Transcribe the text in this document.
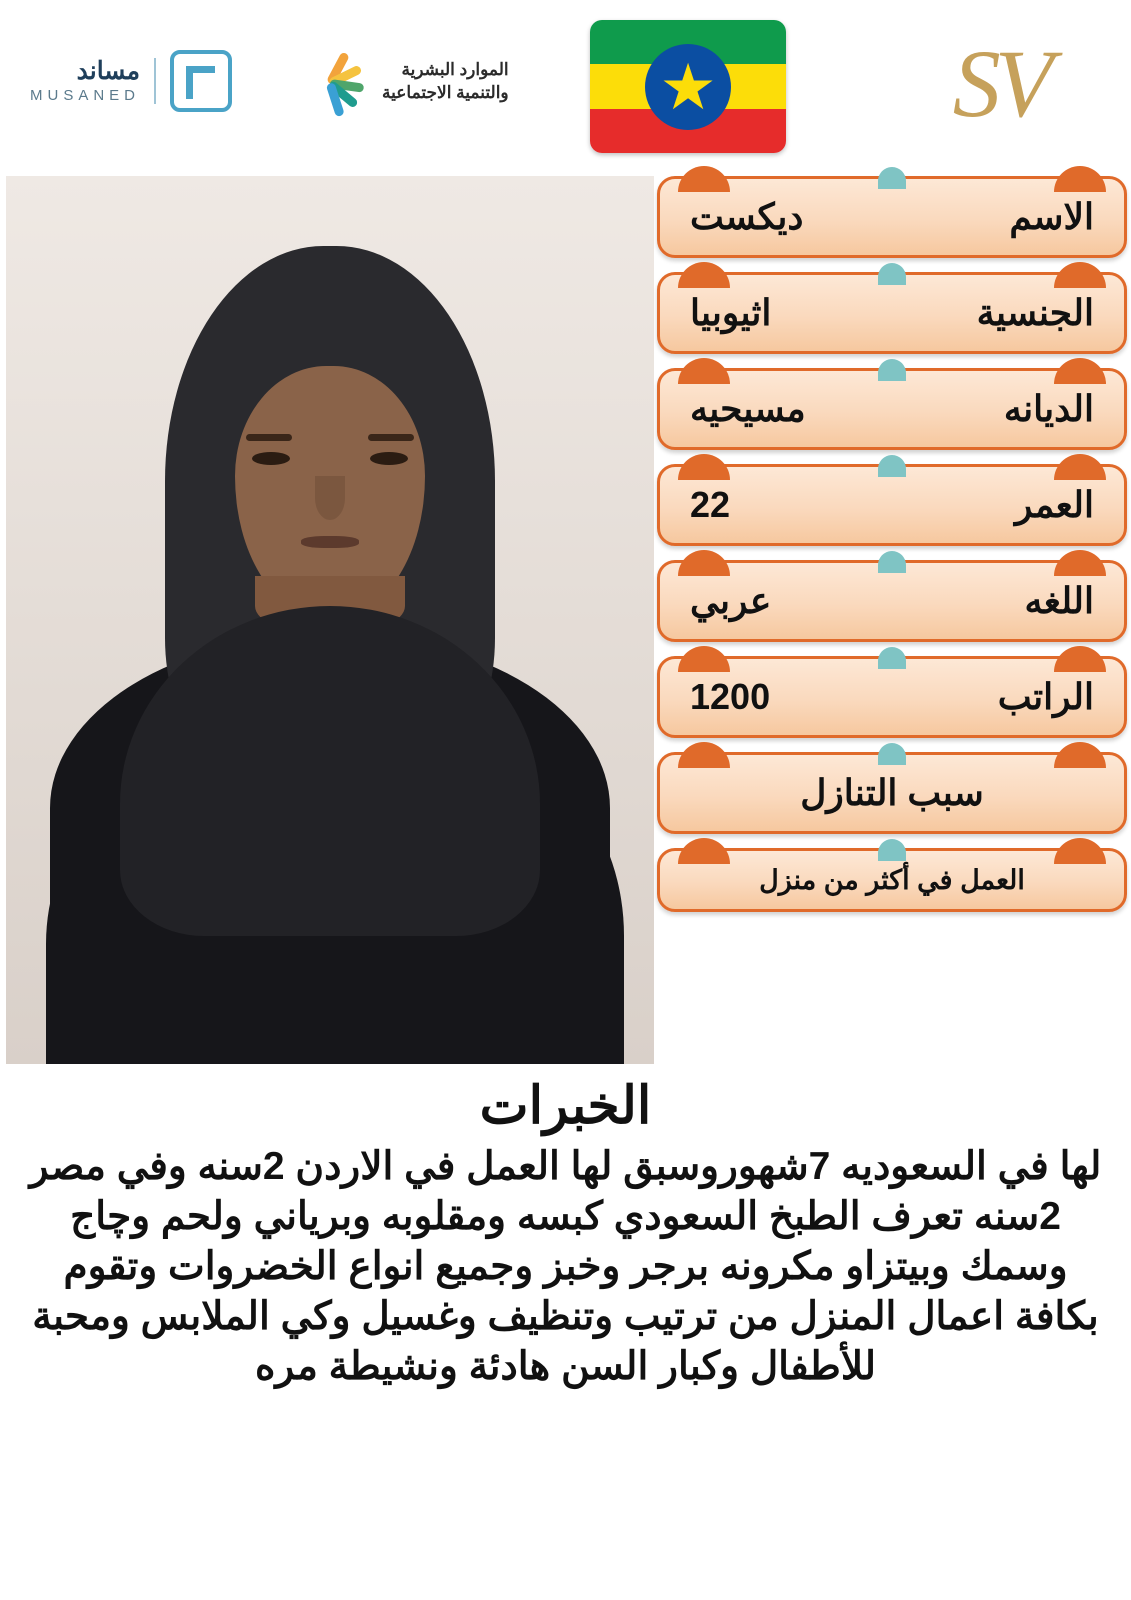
مساند
MUSANED
الموارد البشرية
والتنمية الاجتماعية ★ SV
الاسم
ديكست
الجنسية
اثيوبيا
الديانه
مسيحيه
العمر
22
اللغه
عربي
الراتب
1200
سبب التنازل
العمل في أكثر من منزل
الخبرات
لها في السعوديه 7شهوروسبق لها العمل في الاردن 2سنه وفي مصر 2سنه تعرف الطبخ السعودي كبسه ومقلوبه وبرياني ولحم وچاج وسمك وبيتزاو مكرونه برجر وخبز وجميع انواع الخضروات وتقوم بكافة اعمال المنزل من ترتيب وتنظيف وغسيل وكي الملابس ومحبة للأطفال وكبار السن هادئة ونشيطة مره
